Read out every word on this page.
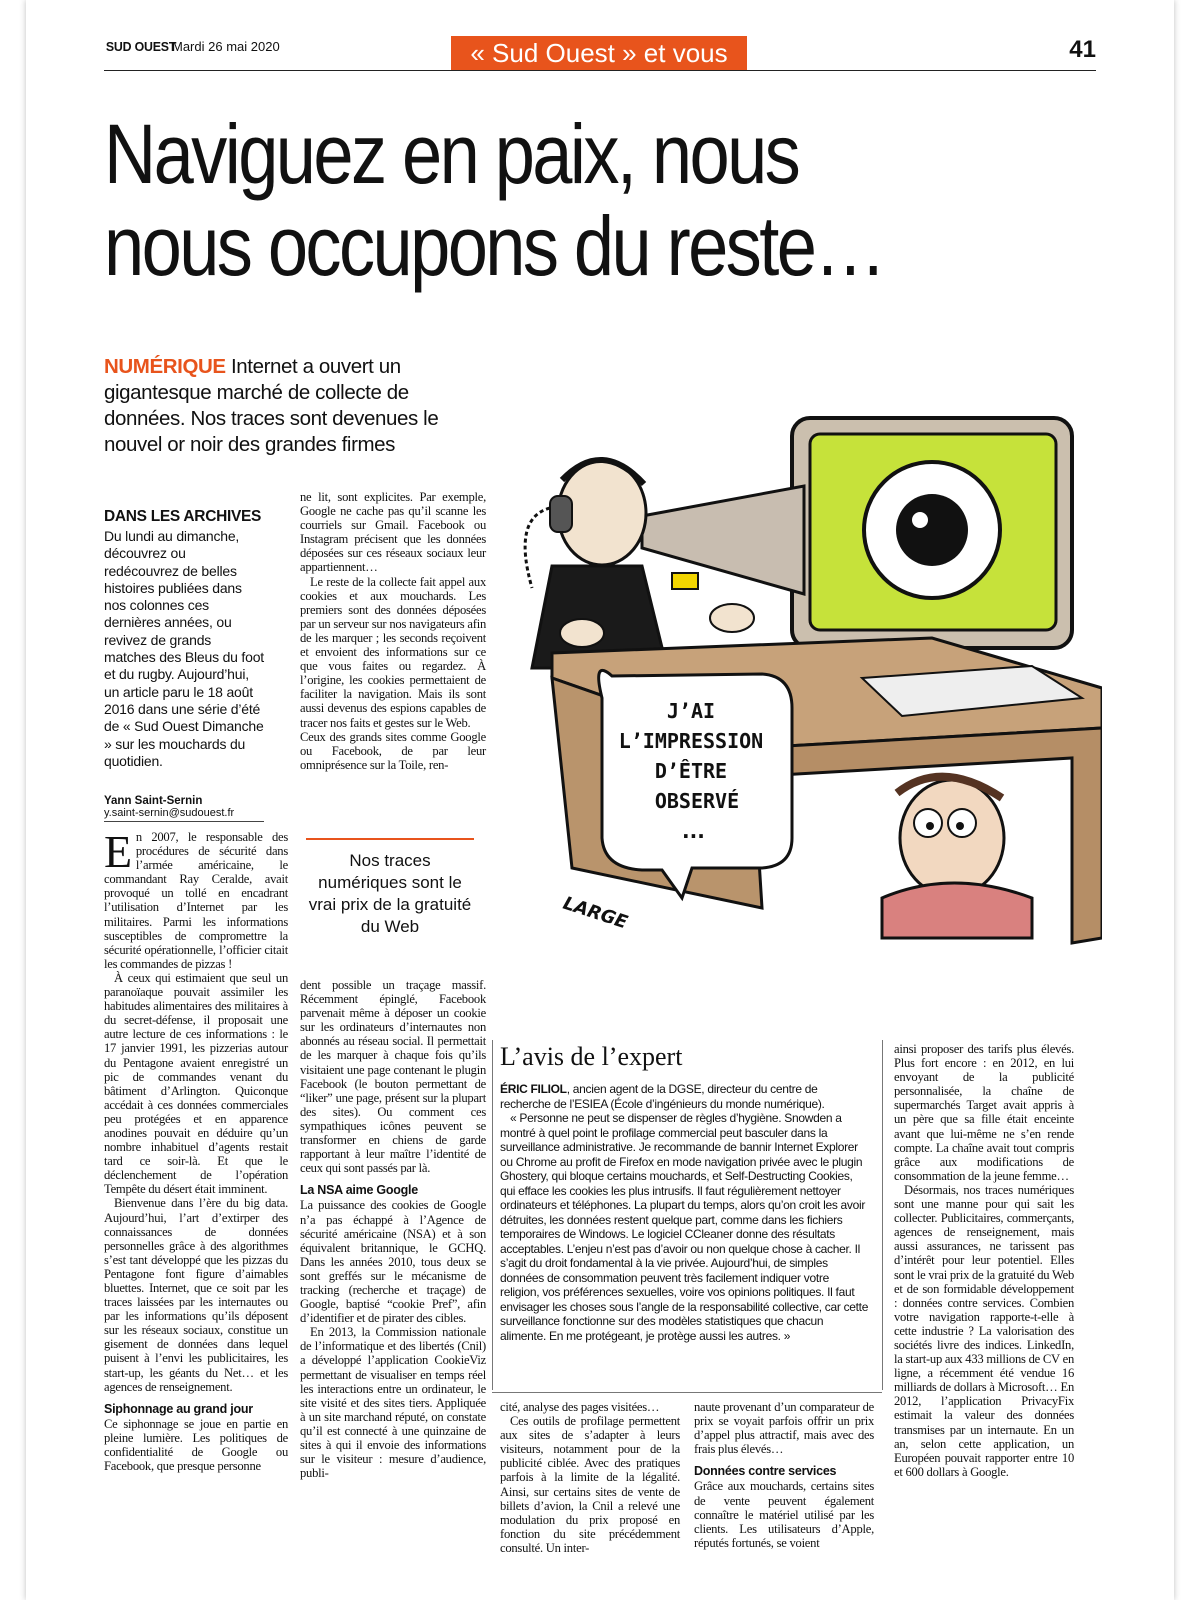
SUD OUEST
Mardi 26 mai 2020	« Sud Ouest » et vous	41
Naviguez en paix, nous
nous occupons du reste…
NUMÉRIQUE Internet a ouvert un gigantesque marché de collecte de données. Nos traces sont devenues le nouvel or noir des grandes firmes
DANS LES ARCHIVES
Du lundi au dimanche, découvrez ou redécouvrez de belles histoires publiées dans nos colonnes ces dernières années, ou revivez de grands matches des Bleus du foot et du rugby. Aujourd’hui, un article paru le 18 août 2016 dans une série d’été de « Sud Ouest Dimanche » sur les mouchards du quotidien.
Yann Saint-Sernin
y.saint-sernin@sudouest.fr

En 2007, le responsable des procédures de sécurité dans l’armée américaine, le commandant Ray Ceralde, avait provoqué un tollé en encadrant l’utilisation d’Internet par les militaires. Parmi les informations susceptibles de compromettre la sécurité opérationnelle, l’officier citait les commandes de pizzas !

À ceux qui estimaient que seul un paranoïaque pouvait assimiler les habitudes alimentaires des militaires à du secret-défense, il proposait une autre lecture de ces informations : le 17 janvier 1991, les pizzerias autour du Pentagone avaient enregistré un pic de commandes venant du bâtiment d’Arlington. Quiconque accédait à ces données commerciales peu protégées et en apparence anodines pouvait en déduire qu’un nombre inhabituel d’agents restait tard ce soir-là. Et que le déclenchement de l’opération Tempête du désert était imminent.

Bienvenue dans l’ère du big data. Aujourd’hui, l’art d’extirper des connaissances de données personnelles grâce à des algorithmes s’est tant développé que les pizzas du Pentagone font figure d’aimables bluettes. Internet, que ce soit par les traces laissées par les internautes ou par les informations qu’ils déposent sur les réseaux sociaux, constitue un gisement de données dans lequel puisent à l’envi les publicitaires, les start-up, les géants du Net… et les agences de renseignement.

Siphonnage au grand jour

Ce siphonnage se joue en partie en pleine lumière. Les politiques de confidentialité de Google ou Facebook, que presque personne

ne lit, sont explicites. Par exemple, Google ne cache pas qu’il scanne les courriels sur Gmail. Facebook ou Instagram précisent que les données déposées sur ces réseaux sociaux leur appartiennent…

Le reste de la collecte fait appel aux cookies et aux mouchards. Les premiers sont des données déposées par un serveur sur nos navigateurs afin de les marquer ; les seconds reçoivent et envoient des informations sur ce que vous faites ou regardez. À l’origine, les cookies permettaient de faciliter la navigation. Mais ils sont aussi devenus des espions capables de tracer nos faits et gestes sur le Web.

Ceux des grands sites comme Google ou Facebook, de par leur omniprésence sur la Toile, ren-

Nos traces numériques sont le vrai prix de la gratuité du Web

dent possible un traçage massif. Récemment épinglé, Facebook parvenait même à déposer un cookie sur les ordinateurs d’internautes non abonnés au réseau social. Il permettait de les marquer à chaque fois qu’ils visitaient une page contenant le plugin Facebook (le bouton permettant de “liker” une page, présent sur la plupart des sites). Ou comment ces sympathiques icônes peuvent se transformer en chiens de garde rapportant à leur maître l’identité de ceux qui sont passés par là.

La NSA aime Google

La puissance des cookies de Google n’a pas échappé à l’Agence de sécurité américaine (NSA) et à son équivalent britannique, le GCHQ. Dans les années 2010, tous deux se sont greffés sur le mécanisme de tracking (recherche et traçage) de Google, baptisé “cookie Pref”, afin d’identifier et de pirater des cibles.

En 2013, la Commission nationale de l’informatique et des libertés (Cnil) a développé l’application CookieViz permettant de visualiser en temps réel les interactions entre un ordinateur, le site visité et des sites tiers. Appliquée à un site marchand réputé, on constate qu’il est connecté à une quinzaine de sites à qui il envoie des informations sur le visiteur : mesure d’audience, publi-

J’AI L’IMPRESSION D’ÊTRE OBSERVÉ
...
LARGE
L’avis de l’expert

ÉRIC FILIOL, ancien agent de la DGSE, directeur du centre de recherche de l’ESIEA (École d’ingénieurs du monde numérique).

« Personne ne peut se dispenser de règles d’hygiène. Snowden a montré à quel point le profilage commercial peut basculer dans la surveillance administrative. Je recommande de bannir Internet Explorer ou Chrome au profit de Firefox en mode navigation privée avec le plugin Ghostery, qui bloque certains mouchards, et Self-Destructing Cookies, qui efface les cookies les plus intrusifs. Il faut régulièrement nettoyer ordinateurs et téléphones. La plupart du temps, alors qu’on croit les avoir détruites, les données restent quelque part, comme dans les fichiers temporaires de Windows. Le logiciel CCleaner donne des résultats acceptables. L’enjeu n’est pas d’avoir ou non quelque chose à cacher. Il s’agit du droit fondamental à la vie privée. Aujourd’hui, de simples données de consommation peuvent très facilement indiquer votre religion, vos préférences sexuelles, voire vos opinions politiques. Il faut envisager les choses sous l’angle de la responsabilité collective, car cette surveillance fonctionne sur des modèles statistiques que chacun alimente. En me protégeant, je protège aussi les autres. »

cité, analyse des pages visitées…

Ces outils de profilage permettent aux sites de s’adapter à leurs visiteurs, notamment pour de la publicité ciblée. Avec des pratiques parfois à la limite de la légalité. Ainsi, sur certains sites de vente de billets d’avion, la Cnil a relevé une modulation du prix proposé en fonction du site précédemment consulté. Un inter-

naute provenant d’un comparateur de prix se voyait parfois offrir un prix d’appel plus attractif, mais avec des frais plus élevés…

Données contre services

Grâce aux mouchards, certains sites de vente peuvent également connaître le matériel utilisé par les clients. Les utilisateurs d’Apple, réputés fortunés, se voient

ainsi proposer des tarifs plus élevés. Plus fort encore : en 2012, en lui envoyant de la publicité personnalisée, la chaîne de supermarchés Target avait appris à un père que sa fille était enceinte avant que lui-même ne s’en rende compte. La chaîne avait tout compris grâce aux modifications de consommation de la jeune femme…

Désormais, nos traces numériques sont une manne pour qui sait les collecter. Publicitaires, commerçants, agences de renseignement, mais aussi assurances, ne tarissent pas d’intérêt pour leur potentiel. Elles sont le vrai prix de la gratuité du Web et de son formidable développement : données contre services. Combien votre navigation rapporte-t-elle à cette industrie ? La valorisation des sociétés livre des indices. LinkedIn, la start-up aux 433 millions de CV en ligne, a récemment été vendue 16 milliards de dollars à Microsoft… En 2012, l’application PrivacyFix estimait la valeur des données transmises par un internaute. En un an, selon cette application, un Européen pouvait rapporter entre 10 et 600 dollars à Google.
